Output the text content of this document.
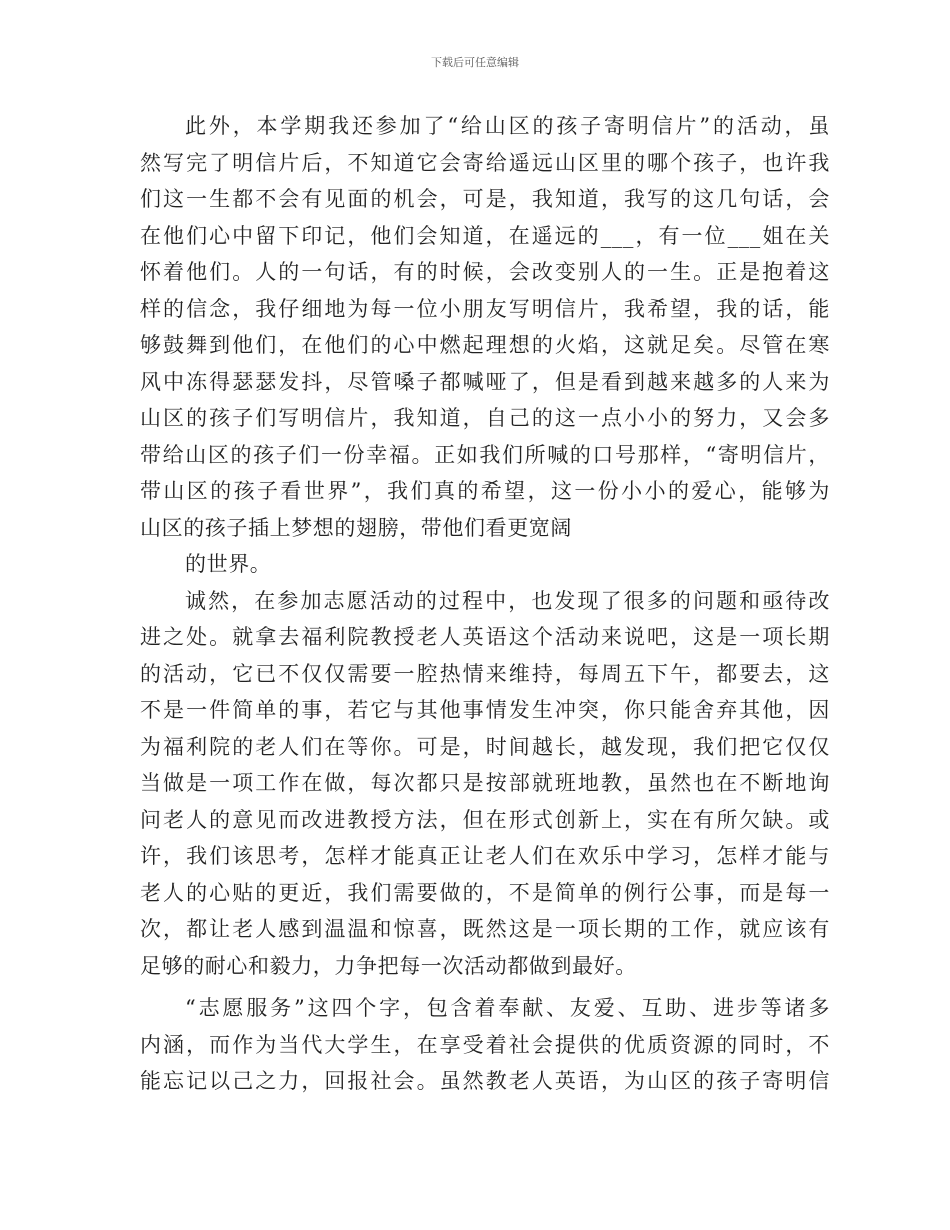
下载后可任意编辑
此外，本学期我还参加了“给山区的孩子寄明信片”的活动，虽
然写完了明信片后，不知道它会寄给遥远山区里的哪个孩子，也许我
们这一生都不会有见面的机会，可是，我知道，我写的这几句话，会
在他们心中留下印记，他们会知道，在遥远的___，有一位___姐在关
怀着他们。人的一句话，有的时候，会改变别人的一生。正是抱着这
样的信念，我仔细地为每一位小朋友写明信片，我希望，我的话，能
够鼓舞到他们，在他们的心中燃起理想的火焰，这就足矣。尽管在寒
风中冻得瑟瑟发抖，尽管嗓子都喊哑了，但是看到越来越多的人来为
山区的孩子们写明信片，我知道，自己的这一点小小的努力，又会多
带给山区的孩子们一份幸福。正如我们所喊的口号那样，“寄明信片，
带山区的孩子看世界”，我们真的希望，这一份小小的爱心，能够为
山区的孩子插上梦想的翅膀，带他们看更宽阔
的世界。
诚然，在参加志愿活动的过程中，也发现了很多的问题和亟待改
进之处。就拿去福利院教授老人英语这个活动来说吧，这是一项长期
的活动，它已不仅仅需要一腔热情来维持，每周五下午，都要去，这
不是一件简单的事，若它与其他事情发生冲突，你只能舍弃其他，因
为福利院的老人们在等你。可是，时间越长，越发现，我们把它仅仅
当做是一项工作在做，每次都只是按部就班地教，虽然也在不断地询
问老人的意见而改进教授方法，但在形式创新上，实在有所欠缺。或
许，我们该思考，怎样才能真正让老人们在欢乐中学习，怎样才能与
老人的心贴的更近，我们需要做的，不是简单的例行公事，而是每一
次，都让老人感到温温和惊喜，既然这是一项长期的工作，就应该有
足够的耐心和毅力，力争把每一次活动都做到最好。
“志愿服务”这四个字，包含着奉献、友爱、互助、进步等诸多
内涵，而作为当代大学生，在享受着社会提供的优质资源的同时，不
能忘记以己之力，回报社会。虽然教老人英语，为山区的孩子寄明信
